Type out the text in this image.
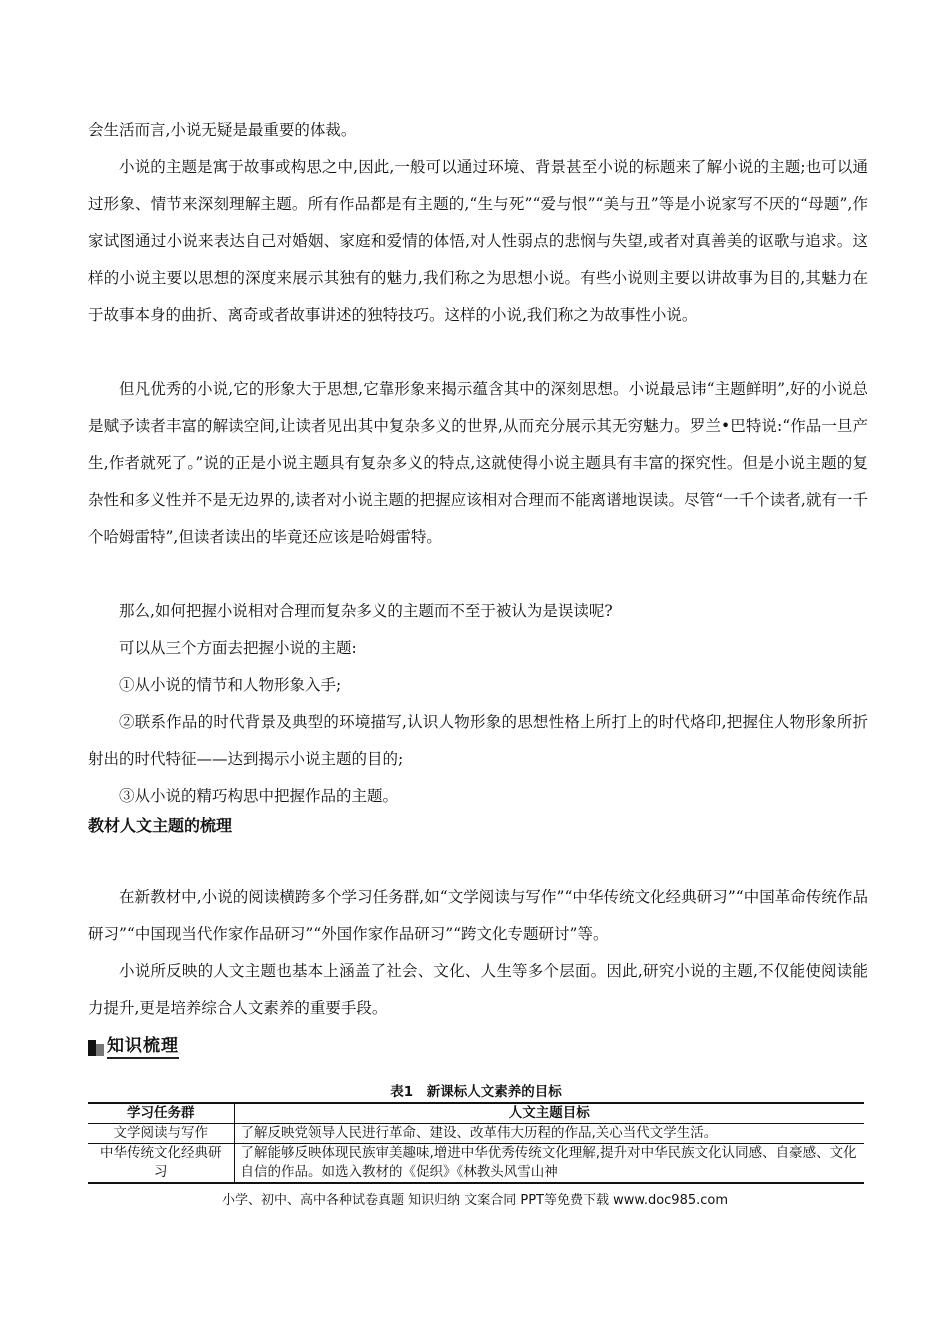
会生活而言,小说无疑是最重要的体裁。

小说的主题是寓于故事或构思之中,因此,一般可以通过环境、背景甚至小说的标题来了解小说的主题;也可以通过形象、情节来深刻理解主题。所有作品都是有主题的,“生与死”“爱与恨”“美与丑”等是小说家写不厌的“母题”,作家试图通过小说来表达自己对婚姻、家庭和爱情的体悟,对人性弱点的悲悯与失望,或者对真善美的讴歌与追求。这样的小说主要以思想的深度来展示其独有的魅力,我们称之为思想小说。有些小说则主要以讲故事为目的,其魅力在于故事本身的曲折、离奇或者故事讲述的独特技巧。这样的小说,我们称之为故事性小说。

但凡优秀的小说,它的形象大于思想,它靠形象来揭示蕴含其中的深刻思想。小说最忌讳“主题鲜明”,好的小说总是赋予读者丰富的解读空间,让读者见出其中复杂多义的世界,从而充分展示其无穷魅力。罗兰•巴特说:“作品一旦产生,作者就死了。”说的正是小说主题具有复杂多义的特点,这就使得小说主题具有丰富的探究性。但是小说主题的复杂性和多义性并不是无边界的,读者对小说主题的把握应该相对合理而不能离谱地误读。尽管“一千个读者,就有一千个哈姆雷特”,但读者读出的毕竟还应该是哈姆雷特。

那么,如何把握小说相对合理而复杂多义的主题而不至于被认为是误读呢?

可以从三个方面去把握小说的主题:

①从小说的情节和人物形象入手;

②联系作品的时代背景及典型的环境描写,认识人物形象的思想性格上所打上的时代烙印,把握住人物形象所折射出的时代特征——达到揭示小说主题的目的;

③从小说的精巧构思中把握作品的主题。

教材人文主题的梳理

在新教材中,小说的阅读横跨多个学习任务群,如“文学阅读与写作”“中华传统文化经典研习”“中国革命传统作品研习”“中国现当代作家作品研习”“外国作家作品研习”“跨文化专题研讨”等。

小说所反映的人文主题也基本上涵盖了社会、文化、人生等多个层面。因此,研究小说的主题,不仅能使阅读能力提升,更是培养综合人文素养的重要手段。

知识梳理

表1　新课标人文素养的目标

学习任务群	人文主题目标
文学阅读与写作	了解反映党领导人民进行革命、建设、改革伟大历程的作品,关心当代文学生活。
中华传统文化经典研习	了解能够反映体现民族审美趣味,增进中华优秀传统文化理解,提升对中华民族文化认同感、自豪感、文化自信的作品。如选入教材的《促织》《林教头风雪山神

小学、初中、高中各种试卷真题 知识归纳 文案合同 PPT等免费下载 www.doc985.com
